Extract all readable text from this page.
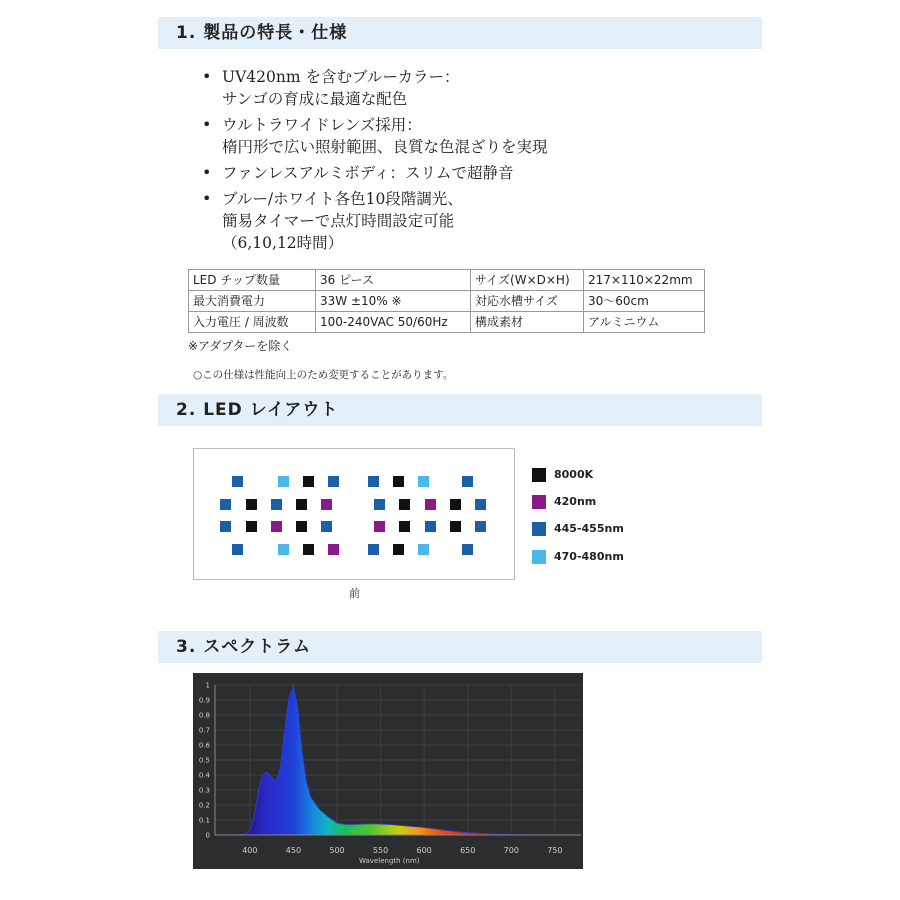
1. 製品の特長・仕様
• UV420nm を含むブルーカラー：
サンゴの育成に最適な配色
• ウルトラワイドレンズ採用：
楕円形で広い照射範囲、良質な色混ざりを実現
• ファンレスアルミボディ：スリムで超静音
• ブルー/ホワイト各色10段階調光、
簡易タイマーで点灯時間設定可能
（6,10,12時間）
LED チップ数量	36 ピース	サイズ(W×D×H)	217×110×22mm
最大消費電力	33W ±10% ※	対応水槽サイズ	30〜60cm
入力電圧 / 周波数	100-240VAC 50/60Hz	構成素材	アルミニウム
※アダプターを除く
○この仕様は性能向上のため変更することがあります。
2. LED レイアウト
前
8000K
420nm
445-455nm
470-480nm
3. スペクトラム
400	450	500	550	600	650	700	750
0
0.1
0.2
0.3
0.4
0.5
0.6
0.7
0.8
0.9
1
Wavelength (nm)
